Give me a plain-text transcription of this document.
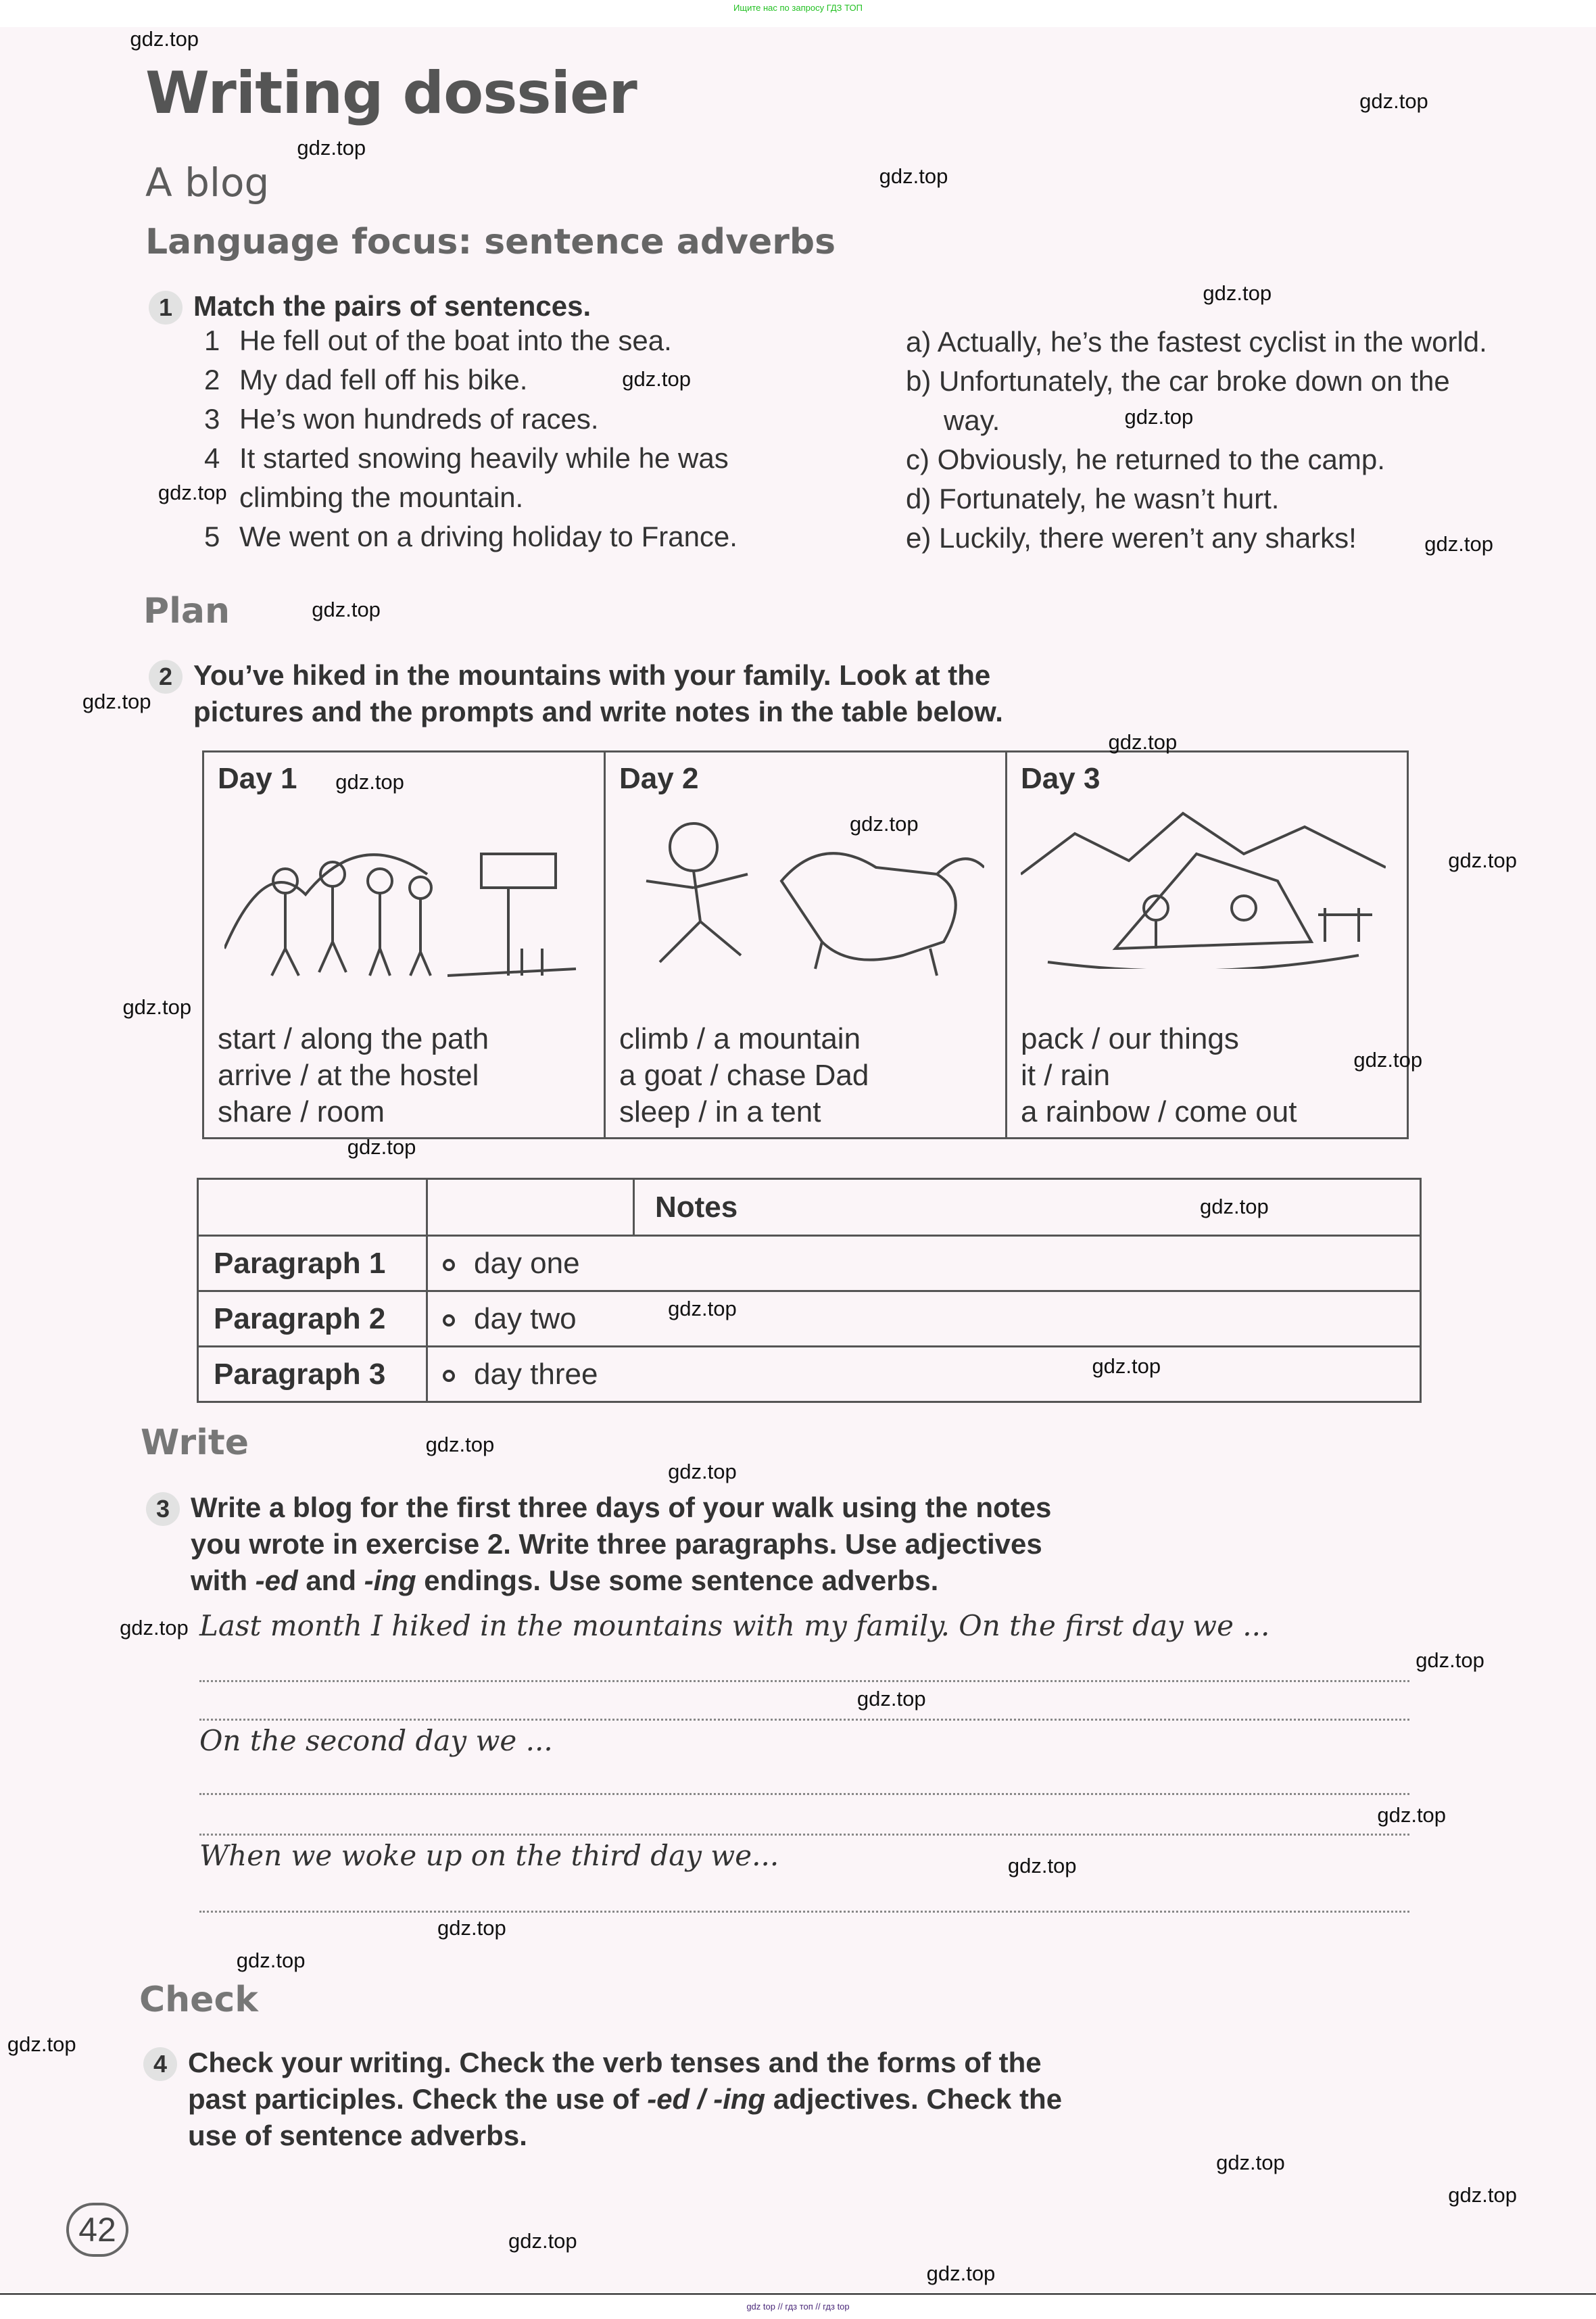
Ищите нас по запросу ГДЗ ТОП
Writing dossier
A blog
Language focus: sentence adverbs
1 Match the pairs of sentences.
1 He fell out of the boat into the sea.
2 My dad fell off his bike.
3 He’s won hundreds of races.
4 It started snowing heavily while he was
climbing the mountain.
5 We went on a driving holiday to France.
a) Actually, he’s the fastest cyclist in the world.
b) Unfortunately, the car broke down on the
way.
c) Obviously, he returned to the camp.
d) Fortunately, he wasn’t hurt.
e) Luckily, there weren’t any sharks!
Plan
2 You’ve hiked in the mountains with your family. Look at the
pictures and the prompts and write notes in the table below.
Day 1
start / along the path
arrive / at the hostel
share / room

Day 2
climb / a mountain
a goat / chase Dad
sleep / in a tent

Day 3
pack / our things
it / rain
a rainbow / come out
		Notes
Paragraph 1	day one	
Paragraph 2	day two	
Paragraph 3	day three	
Write
3 Write a blog for the first three days of your walk using the notes
you wrote in exercise 2. Write three paragraphs. Use adjectives
with -ed and -ing endings. Use some sentence adverbs.
Last month I hiked in the mountains with my family. On the first day we ...
On the second day we ...
When we woke up on the third day we...
Check
4 Check your writing. Check the verb tenses and the forms of the
past participles. Check the use of -ed / -ing adjectives. Check the
use of sentence adverbs.
42
gdz top // гдз топ // гдз top
gdz.top
gdz.top
gdz.top
gdz.top
gdz.top
gdz.top
gdz.top
gdz.top
gdz.top
gdz.top
gdz.top
gdz.top
gdz.top
gdz.top
gdz.top
gdz.top
gdz.top
gdz.top
gdz.top
gdz.top
gdz.top
gdz.top
gdz.top
gdz.top
gdz.top
gdz.top
gdz.top
gdz.top
gdz.top
gdz.top
gdz.top
gdz.top
gdz.top
gdz.top
gdz.top
